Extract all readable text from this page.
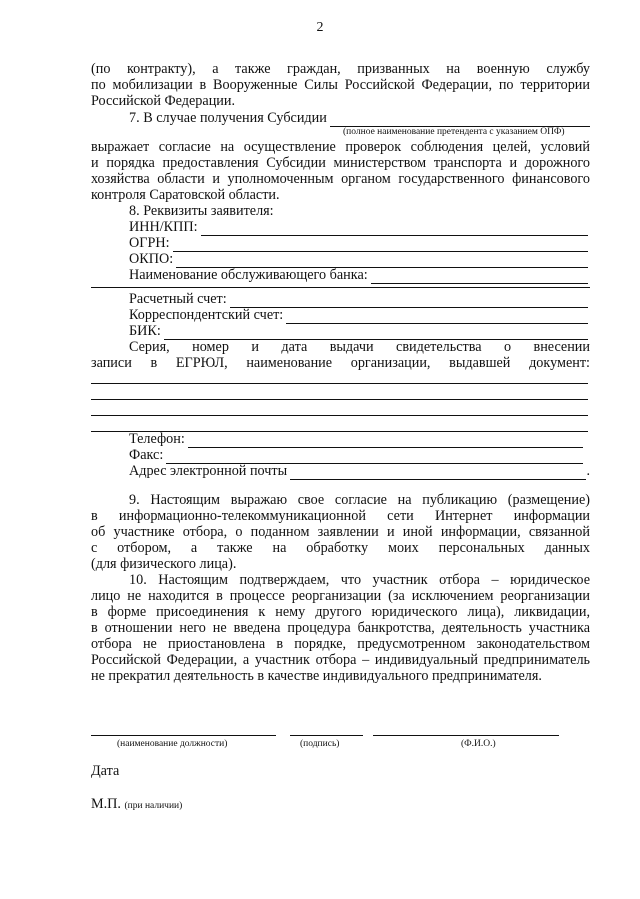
2
(по контракту), а также граждан, призванных на военную службу
по мобилизации в Вооруженные Силы Российской Федерации, по территории
Российской Федерации.
7. В случае получения Субсидии
(полное наименование претендента с указанием ОПФ)
выражает согласие на осуществление проверок соблюдения целей, условий
и порядка предоставления Субсидии министерством транспорта и дорожного
хозяйства области и уполномоченным органом государственного финансового
контроля Саратовской области.
8. Реквизиты заявителя:
ИНН/КПП:
ОГРН:
ОКПО:
Наименование обслуживающего банка:
Расчетный счет:
Корреспондентский счет:
БИК:
Серия, номер и дата выдачи свидетельства о внесении
записи в ЕГРЮЛ, наименование организации, выдавшей документ:
Телефон:
Факс:
Адрес электронной почты	.
9. Настоящим выражаю свое согласие на публикацию (размещение)
в информационно-телекоммуникационной сети Интернет информации
об участнике отбора, о поданном заявлении и иной информации, связанной
с отбором, а также на обработку моих персональных данных
(для физического лица).
10. Настоящим подтверждаем, что участник отбора – юридическое
лицо не находится в процессе реорганизации (за исключением реорганизации
в форме присоединения к нему другого юридического лица), ликвидации,
в отношении него не введена процедура банкротства, деятельность участника
отбора не приостановлена в порядке, предусмотренном законодательством
Российской Федерации, а участник отбора – индивидуальный предприниматель
не прекратил деятельность в качестве индивидуального предпринимателя.
(наименование должности)	(подпись)	(Ф.И.О.)
Дата
М.П. (при наличии)
